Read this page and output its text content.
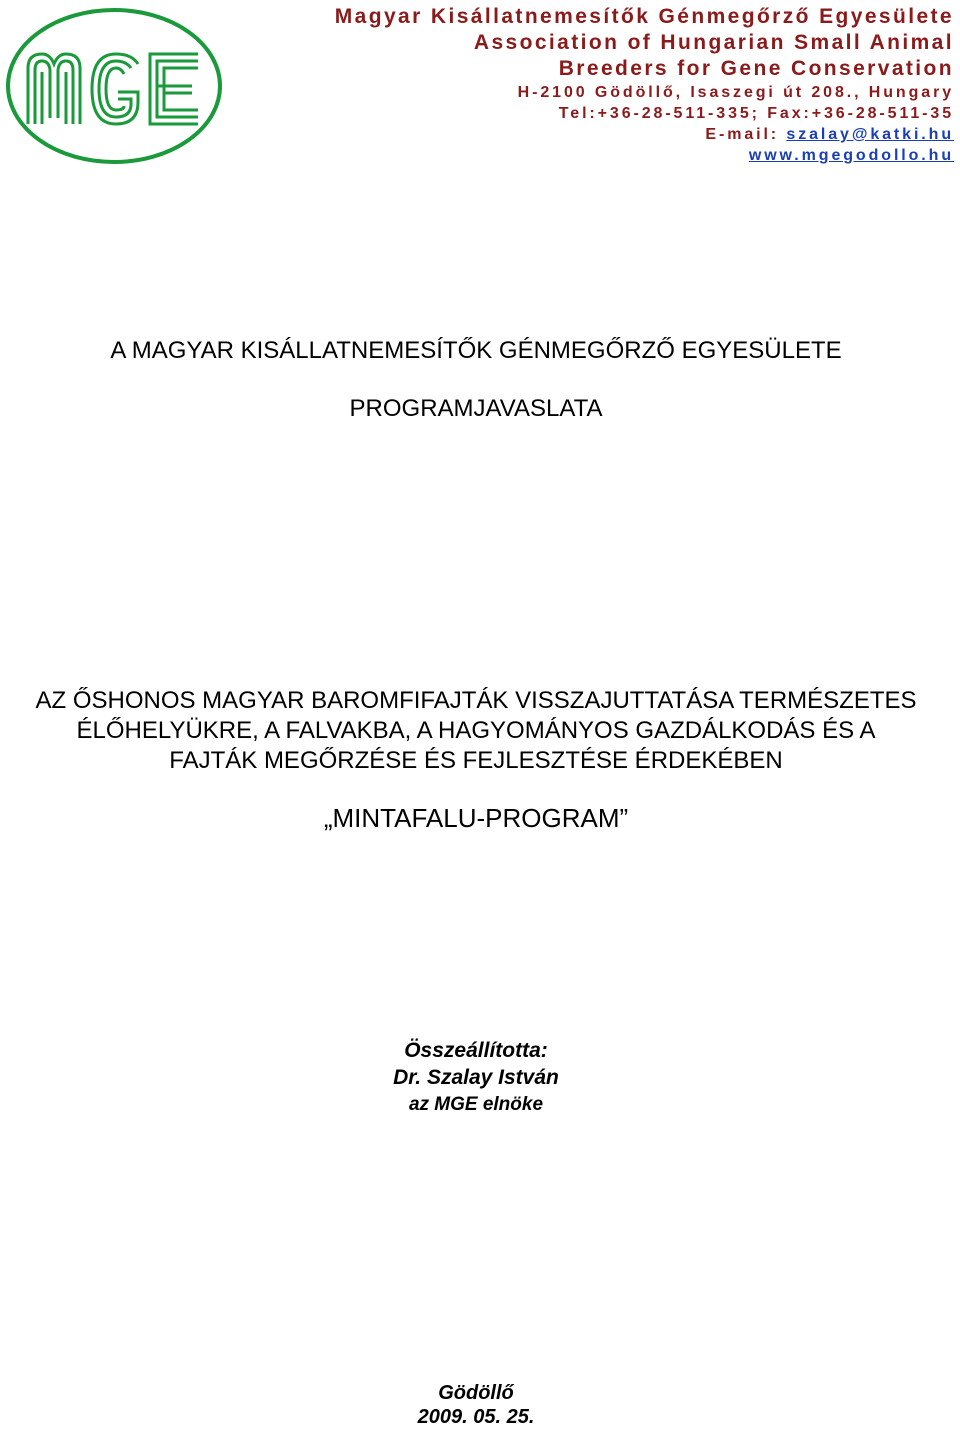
Magyar Kisállatnemesítők Génmegőrző Egyesülete
Association of Hungarian Small Animal
Breeders for Gene Conservation
H-2100 Gödöllő, Isaszegi út 208., Hungary
Tel:+36-28-511-335; Fax:+36-28-511-35
E-mail: szalay@katki.hu
www.mgegodollo.hu
A MAGYAR KISÁLLATNEMESÍTŐK GÉNMEGŐRZŐ EGYESÜLETE
PROGRAMJAVASLATA
AZ ŐSHONOS MAGYAR BAROMFIFAJTÁK VISSZAJUTTATÁSA TERMÉSZETES
ÉLŐHELYÜKRE, A FALVAKBA, A HAGYOMÁNYOS GAZDÁLKODÁS ÉS A
FAJTÁK MEGŐRZÉSE ÉS FEJLESZTÉSE ÉRDEKÉBEN
„MINTAFALU-PROGRAM”
Összeállította:
Dr. Szalay István
az MGE elnöke
Gödöllő
2009. 05. 25.
